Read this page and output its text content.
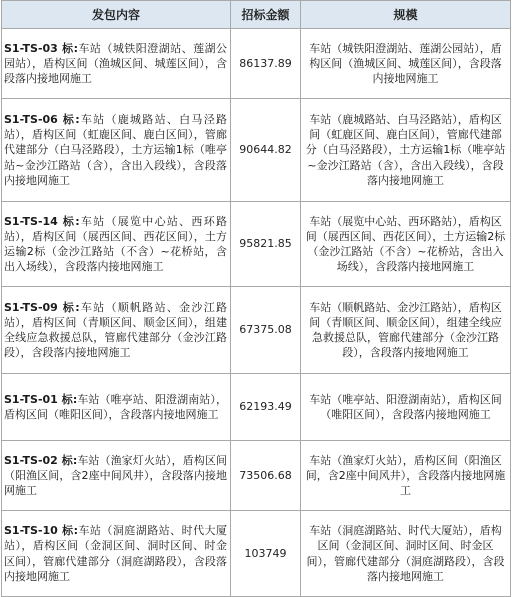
发包内容	招标金额	规模
S1-TS-03 标:车站（城铁阳澄湖站、莲湖公园站），盾构区间（渔城区间、城莲区间），含段落内接地网施工	86137.89	车站（城铁阳澄湖站、莲湖公园站），盾构区间（渔城区间、城莲区间），含段落内接地网施工
S1-TS-06 标:车站（鹿城路站、白马泾路站），盾构区间（虹鹿区间、鹿白区间），管廊代建部分（白马泾路段），土方运输1标（唯亭站~金沙江路站（含），含出入段线），含段落内接地网施工	90644.82	车站（鹿城路站、白马泾路站），盾构区间（虹鹿区间、鹿白区间），管廊代建部分（白马泾路段），土方运输1标（唯亭站~金沙江路站（含），含出入段线），含段落内接地网施工
S1-TS-14 标:车站（展览中心站、西环路站），盾构区间（展西区间、西花区间），土方运输2标（金沙江路站（不含）~花桥站，含出入场线），含段落内接地网施工	95821.85	车站（展览中心站、西环路站），盾构区间（展西区间、西花区间），土方运输2标（金沙江路站（不含）~花桥站，含出入场线），含段落内接地网施工
S1-TS-09 标:车站（顺帆路站、金沙江路站），盾构区间（青顺区间、顺金区间），组建全线应急救援总队，管廊代建部分（金沙江路段），含段落内接地网施工	67375.08	车站（顺帆路站、金沙江路站），盾构区间（青顺区间、顺金区间），组建全线应急救援总队，管廊代建部分（金沙江路段），含段落内接地网施工
S1-TS-01 标:车站（唯亭站、阳澄湖南站），盾构区间（唯阳区间），含段落内接地网施工	62193.49	车站（唯亭站、阳澄湖南站），盾构区间（唯阳区间），含段落内接地网施工
S1-TS-02 标:车站（渔家灯火站），盾构区间（阳渔区间，含2座中间风井），含段落内接地网施工	73506.68	车站（渔家灯火站），盾构区间（阳渔区间，含2座中间风井），含段落内接地网施工
S1-TS-10 标:车站（洞庭湖路站、时代大厦站），盾构区间（金洞区间、洞时区间、时金区间），管廊代建部分（洞庭湖路段），含段落内接地网施工	103749	车站（洞庭湖路站、时代大厦站），盾构区间（金洞区间、洞时区间、时金区间），管廊代建部分（洞庭湖路段），含段落内接地网施工
